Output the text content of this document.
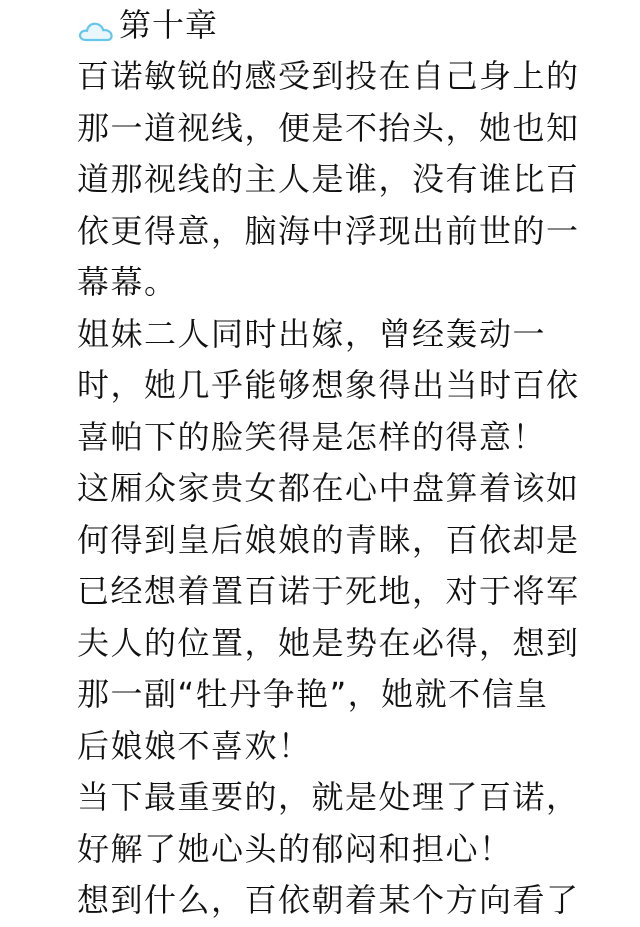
第十章
百诺敏锐的感受到投在自己身上的
那一道视线，便是不抬头，她也知
道那视线的主人是谁，没有谁比百
依更得意，脑海中浮现出前世的一
幕幕。
姐妹二人同时出嫁，曾经轰动一
时，她几乎能够想象得出当时百依
喜帕下的脸笑得是怎样的得意！
这厢众家贵女都在心中盘算着该如
何得到皇后娘娘的青睐，百依却是
已经想着置百诺于死地，对于将军
夫人的位置，她是势在必得，想到
那一副“牡丹争艳”，她就不信皇
后娘娘不喜欢！
当下最重要的，就是处理了百诺，
好解了她心头的郁闷和担心！
想到什么，百依朝着某个方向看了
